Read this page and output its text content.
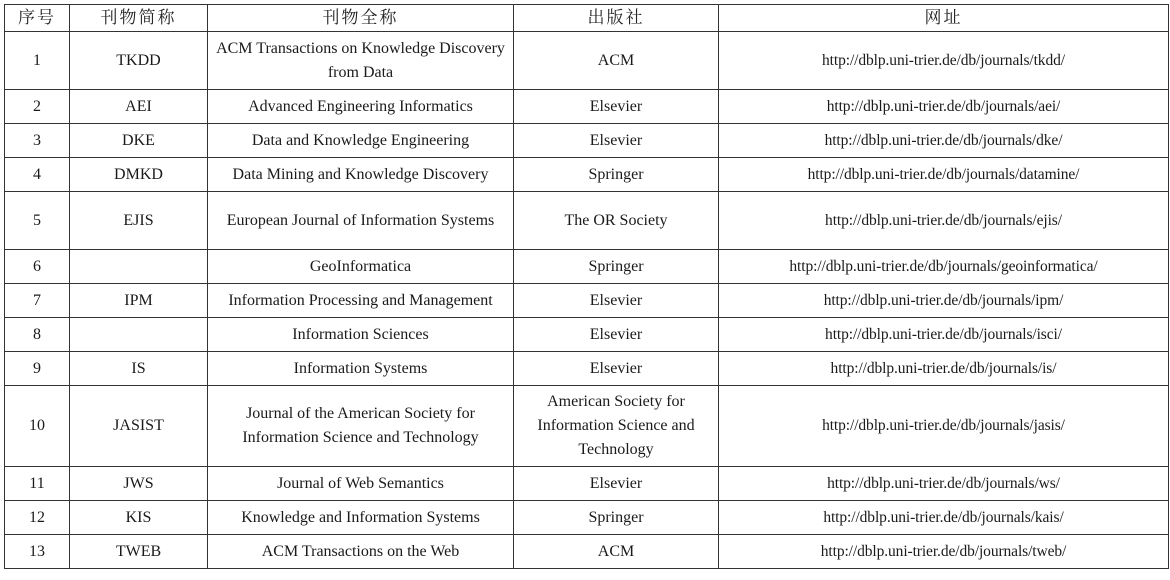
序号	刊物简称	刊物全称	出版社	网址
1	TKDD	ACM Transactions on Knowledge Discovery from Data	ACM	http://dblp.uni-trier.de/db/journals/tkdd/
2	AEI	Advanced Engineering Informatics	Elsevier	http://dblp.uni-trier.de/db/journals/aei/
3	DKE	Data and Knowledge Engineering	Elsevier	http://dblp.uni-trier.de/db/journals/dke/
4	DMKD	Data Mining and Knowledge Discovery	Springer	http://dblp.uni-trier.de/db/journals/datamine/
5	EJIS	European Journal of Information Systems	The OR Society	http://dblp.uni-trier.de/db/journals/ejis/
6		GeoInformatica	Springer	http://dblp.uni-trier.de/db/journals/geoinformatica/
7	IPM	Information Processing and Management	Elsevier	http://dblp.uni-trier.de/db/journals/ipm/
8		Information Sciences	Elsevier	http://dblp.uni-trier.de/db/journals/isci/
9	IS	Information Systems	Elsevier	http://dblp.uni-trier.de/db/journals/is/
10	JASIST	Journal of the American Society for Information Science and Technology	American Society for Information Science and Technology	http://dblp.uni-trier.de/db/journals/jasis/
11	JWS	Journal of Web Semantics	Elsevier	http://dblp.uni-trier.de/db/journals/ws/
12	KIS	Knowledge and Information Systems	Springer	http://dblp.uni-trier.de/db/journals/kais/
13	TWEB	ACM Transactions on the Web	ACM	http://dblp.uni-trier.de/db/journals/tweb/
